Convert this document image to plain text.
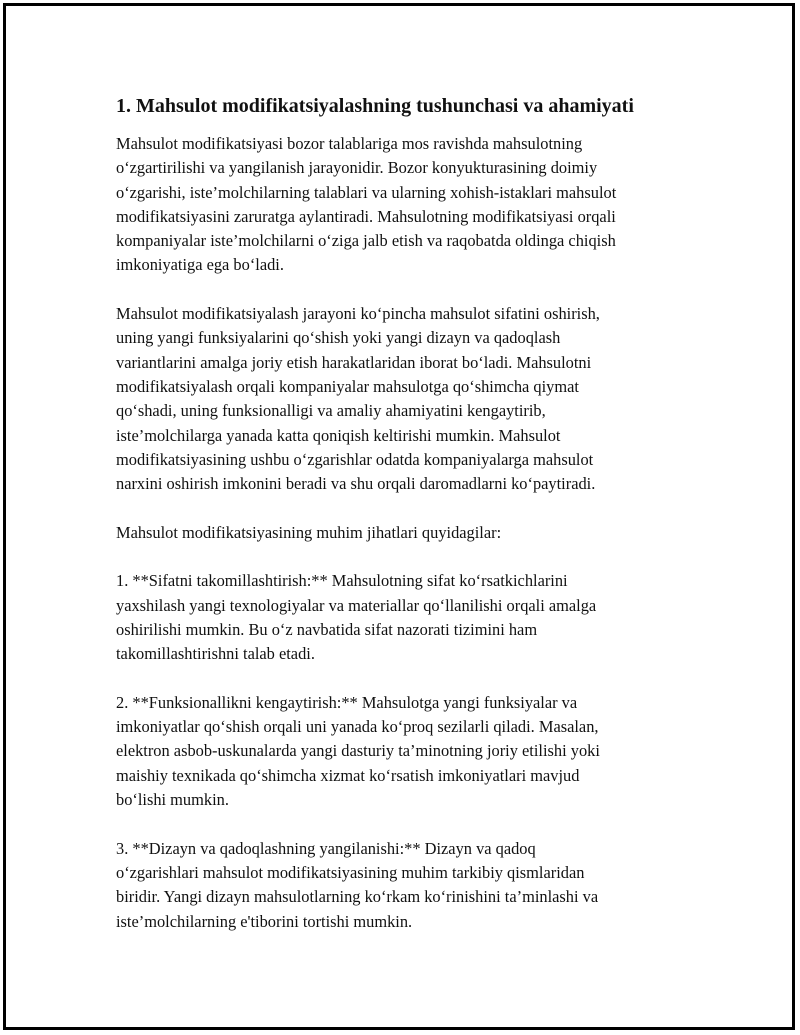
1. Mahsulot modifikatsiyalashning tushunchasi va ahamiyati
Mahsulot modifikatsiyasi bozor talablariga mos ravishda mahsulotning
o‘zgartirilishi va yangilanish jarayonidir. Bozor konyukturasining doimiy
o‘zgarishi, iste’molchilarning talablari va ularning xohish-istaklari mahsulot
modifikatsiyasini zaruratga aylantiradi. Mahsulotning modifikatsiyasi orqali
kompaniyalar iste’molchilarni o‘ziga jalb etish va raqobatda oldinga chiqish
imkoniyatiga ega bo‘ladi.
Mahsulot modifikatsiyalash jarayoni ko‘pincha mahsulot sifatini oshirish,
uning yangi funksiyalarini qo‘shish yoki yangi dizayn va qadoqlash
variantlarini amalga joriy etish harakatlaridan iborat bo‘ladi. Mahsulotni
modifikatsiyalash orqali kompaniyalar mahsulotga qo‘shimcha qiymat
qo‘shadi, uning funksionalligi va amaliy ahamiyatini kengaytirib,
iste’molchilarga yanada katta qoniqish keltirishi mumkin. Mahsulot
modifikatsiyasining ushbu o‘zgarishlar odatda kompaniyalarga mahsulot
narxini oshirish imkonini beradi va shu orqali daromadlarni ko‘paytiradi.
Mahsulot modifikatsiyasining muhim jihatlari quyidagilar:
1. **Sifatni takomillashtirish:** Mahsulotning sifat ko‘rsatkichlarini
yaxshilash yangi texnologiyalar va materiallar qo‘llanilishi orqali amalga
oshirilishi mumkin. Bu o‘z navbatida sifat nazorati tizimini ham
takomillashtirishni talab etadi.
2. **Funksionallikni kengaytirish:** Mahsulotga yangi funksiyalar va
imkoniyatlar qo‘shish orqali uni yanada ko‘proq sezilarli qiladi. Masalan,
elektron asbob-uskunalarda yangi dasturiy ta’minotning joriy etilishi yoki
maishiy texnikada qo‘shimcha xizmat ko‘rsatish imkoniyatlari mavjud
bo‘lishi mumkin.
3. **Dizayn va qadoqlashning yangilanishi:** Dizayn va qadoq
o‘zgarishlari mahsulot modifikatsiyasining muhim tarkibiy qismlaridan
biridir. Yangi dizayn mahsulotlarning ko‘rkam ko‘rinishini ta’minlashi va
iste’molchilarning e'tiborini tortishi mumkin.
